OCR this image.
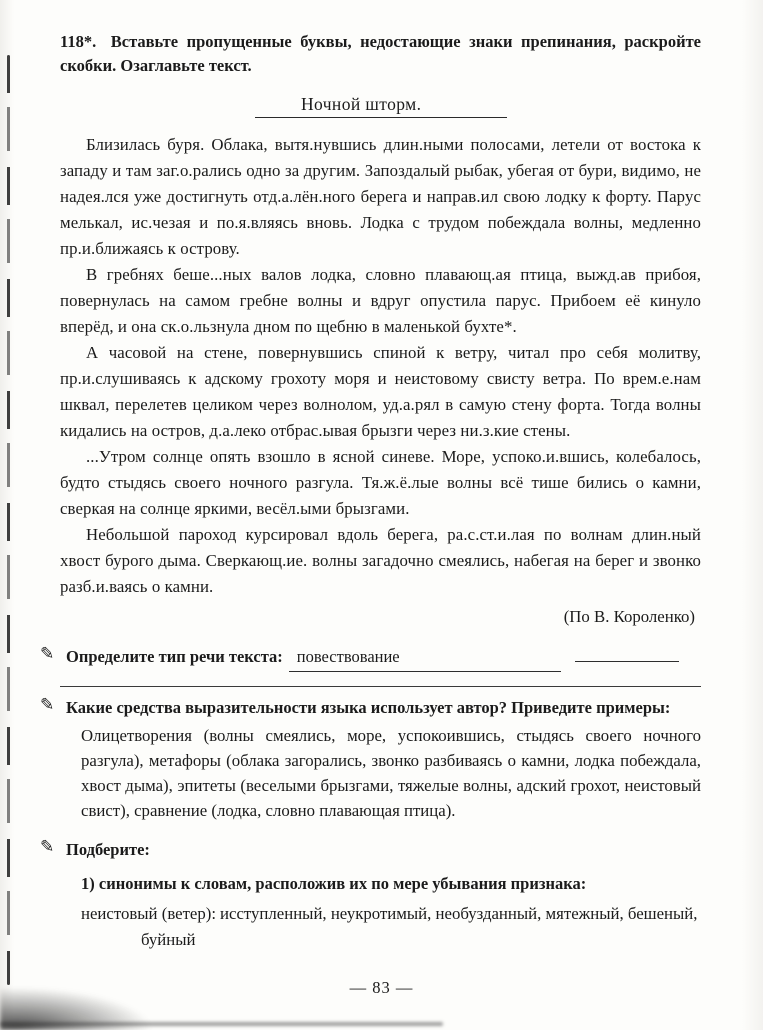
118*. Вставьте пропущенные буквы, недостающие знаки препинания, раскройте скобки. Озаглавьте текст.

Ночной шторм.

Близилась буря. Облака, вытя.нувшись длин.ными полосами, летели от востока к западу и там заг.о.рались одно за другим. Запоздалый рыбак, убегая от бури, видимо, не надея.лся уже достигнуть отд.а.лён.ного берега и направ.ил свою лодку к форту. Парус мелькал, ис.чезая и по.я.вляясь вновь. Лодка с трудом побеждала волны, медленно пр.и.ближаясь к острову.

В гребнях беше...ных валов лодка, словно плавающ.ая птица, выжд.ав прибоя, повернулась на самом гребне волны и вдруг опустила парус. Прибоем её кинуло вперёд, и она ск.о.льзнула дном по щебню в маленькой бухте*.

А часовой на стене, повернувшись спиной к ветру, читал про себя молитву, пр.и.слушиваясь к адскому грохоту моря и неистовому свисту ветра. По врем.е.нам шквал, перелетев целиком через волнолом, уд.а.рял в самую стену форта. Тогда волны кидались на остров, д.а.леко отбрас.ывая брызги через ни.з.кие стены.

...Утром солнце опять взошло в ясной синеве. Море, успоко.и.вшись, колебалось, будто стыдясь своего ночного разгула. Тя.ж.ё.лые волны всё тише бились о камни, сверкая на солнце яркими, весёл.ыми брызгами.

Небольшой пароход курсировал вдоль берега, ра.с.ст.и.лая по волнам длин.ный хвост бурого дыма. Сверкающ.ие. волны загадочно смеялись, набегая на берег и звонко разб.и.ваясь о камни.

(По В. Короленко)

✎ Определите тип речи текста: повествование
✎ Какие средства выразительности языка использует автор? Приведите примеры:

Олицетворения (волны смеялись, море, успокоившись, стыдясь своего ночного разгула), метафоры (облака загорались, звонко разбиваясь о камни, лодка побеждала, хвост дыма), эпитеты (веселыми брызгами, тяжелые волны, адский грохот, неистовый свист), сравнение (лодка, словно плавающая птица).

✎ Подберите:
1) синонимы к словам, расположив их по мере убывания признака:

неистовый (ветер): исступленный, неукротимый, необузданный, мятежный, бешеный, буйный

— 83 —
